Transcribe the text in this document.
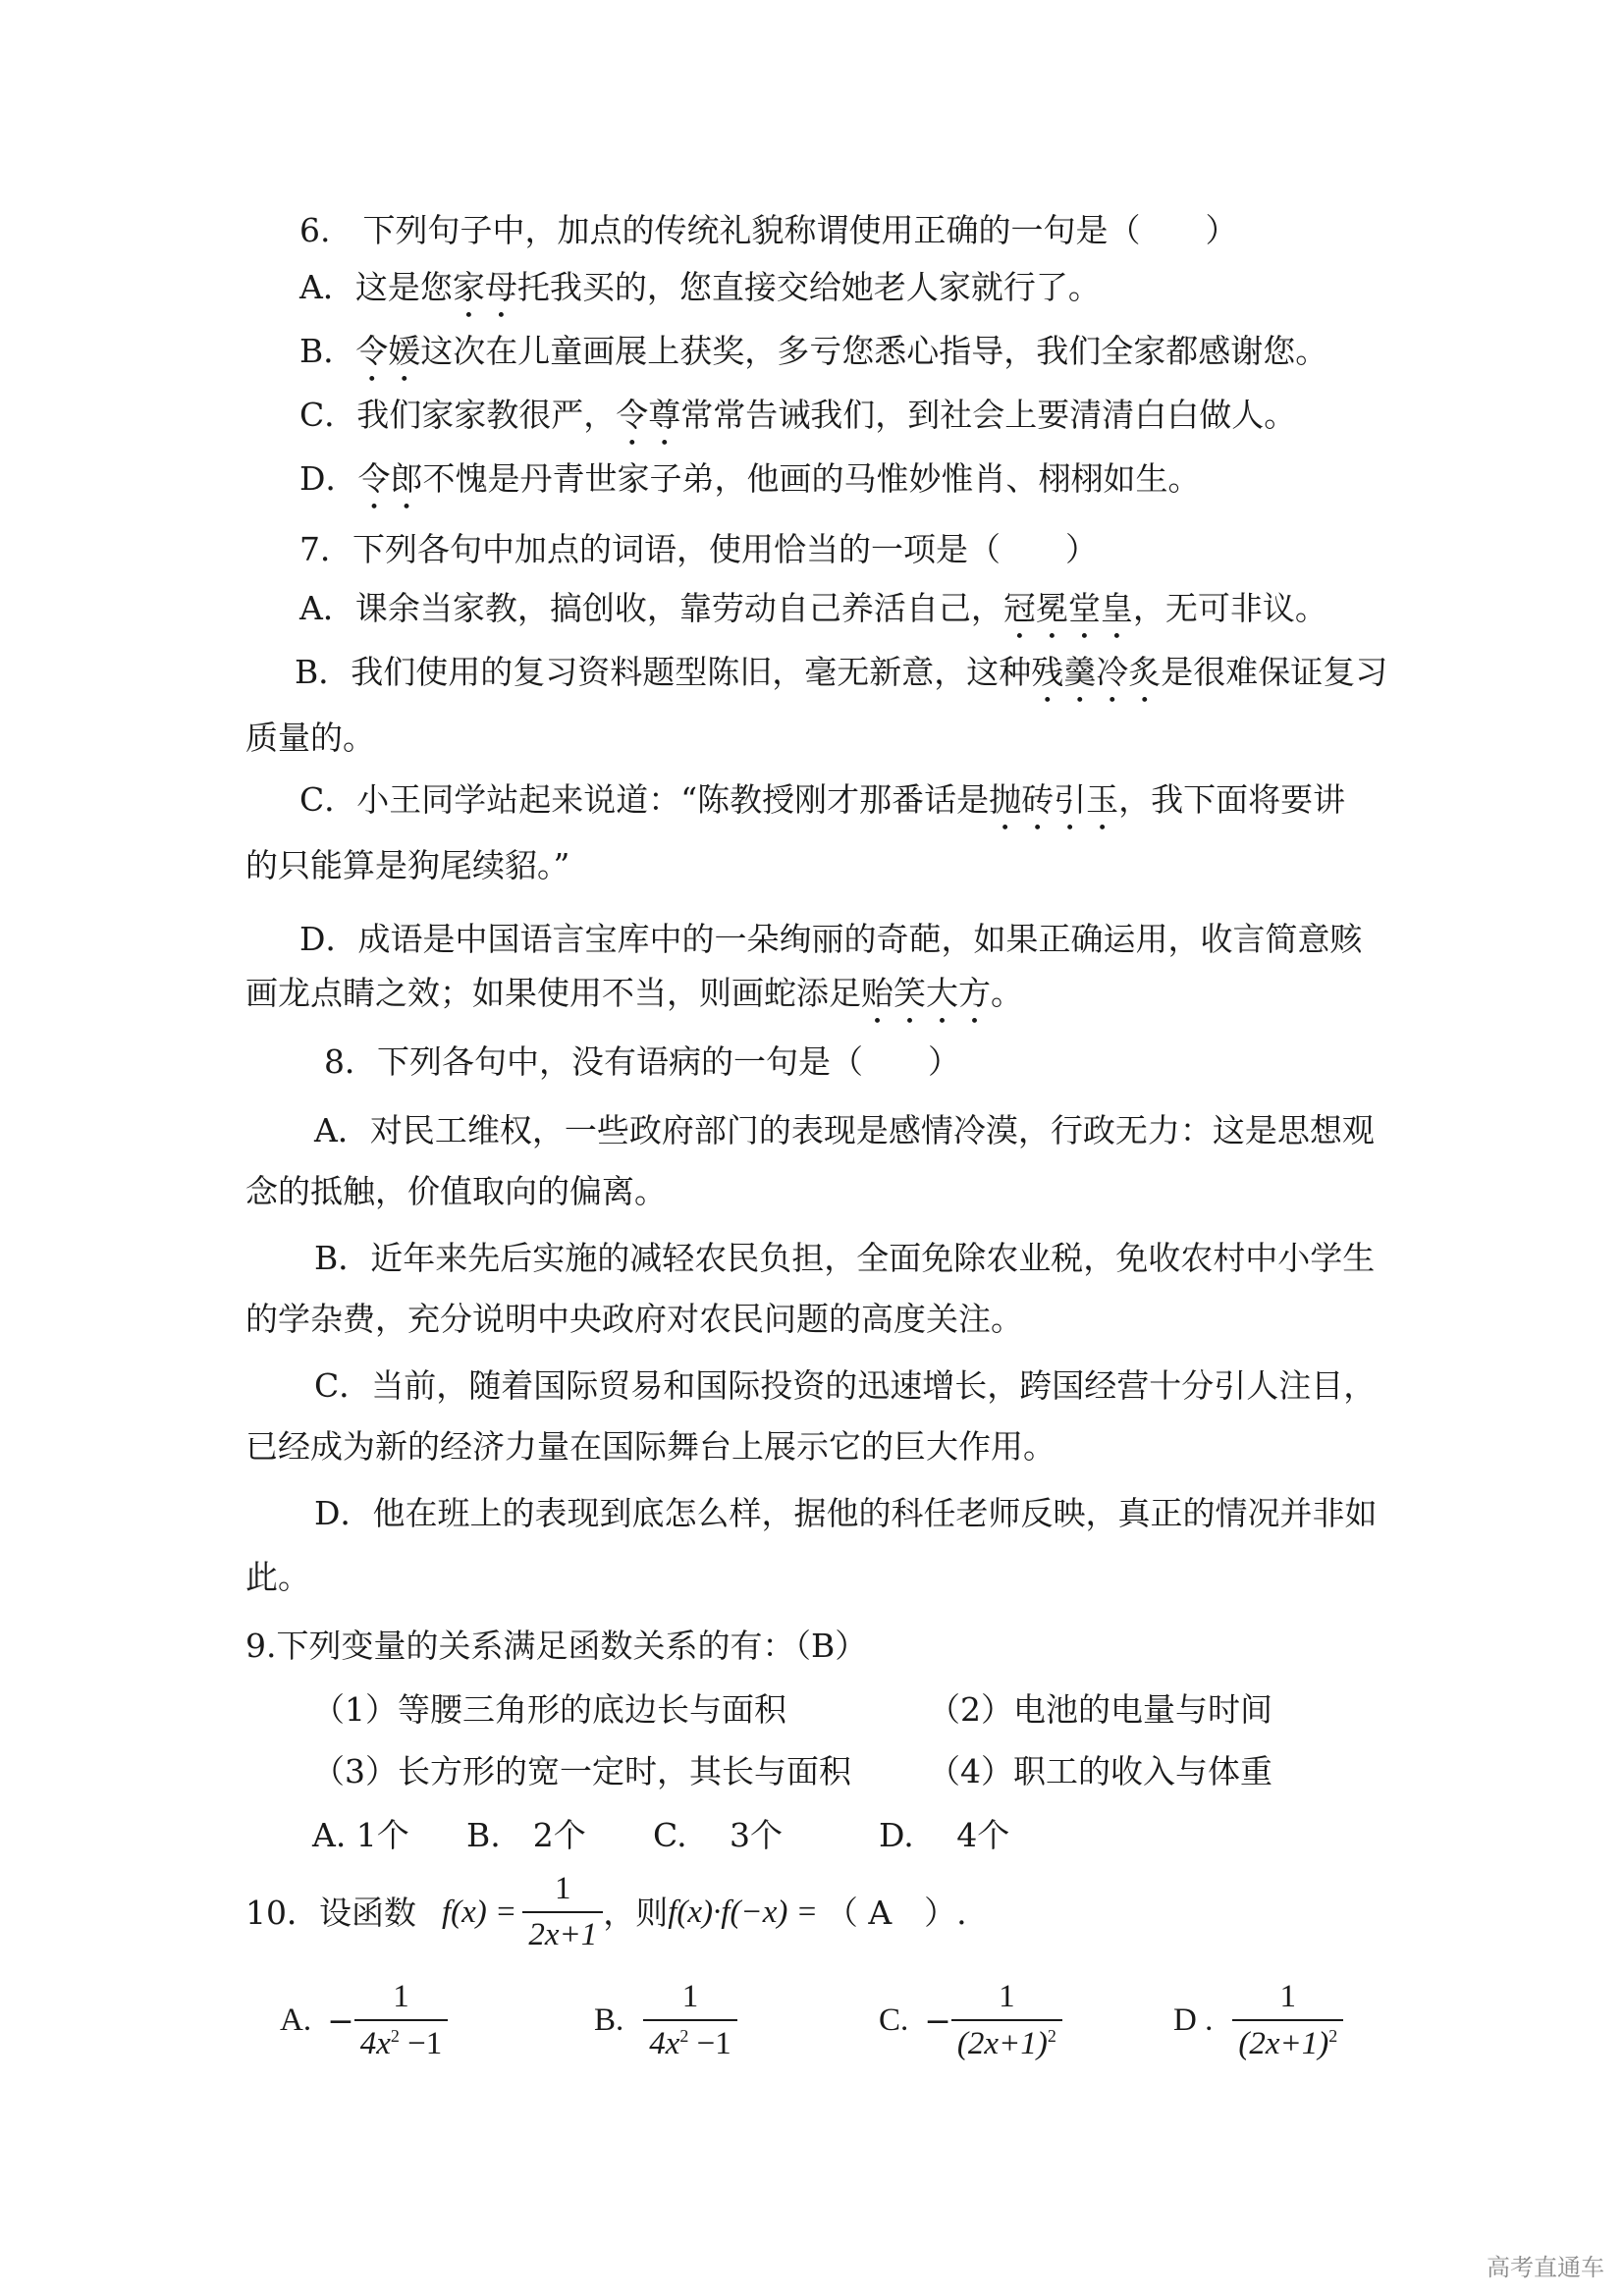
6.　下列句子中，加点的传统礼貌称谓使用正确的一句是（　　）
A．这是您家母托我买的，您直接交给她老人家就行了。
B．令媛这次在儿童画展上获奖，多亏您悉心指导，我们全家都感谢您。
C．我们家家教很严，令尊常常告诫我们，到社会上要清清白白做人。
D．令郎不愧是丹青世家子弟，他画的马惟妙惟肖、栩栩如生。
7．下列各句中加点的词语，使用恰当的一项是（　　）
A．课余当家教，搞创收，靠劳动自己养活自己，冠冕堂皇，无可非议。
B．我们使用的复习资料题型陈旧，毫无新意，这种残羹冷炙是很难保证复习
质量的。
C．小王同学站起来说道：“陈教授刚才那番话是抛砖引玉，我下面将要讲
的只能算是狗尾续貂。”
D．成语是中国语言宝库中的一朵绚丽的奇葩，如果正确运用，收言简意赅
画龙点睛之效；如果使用不当，则画蛇添足贻笑大方。
8．下列各句中，没有语病的一句是（　　）
A．对民工维权，一些政府部门的表现是感情冷漠，行政无力：这是思想观
念的抵触，价值取向的偏离。
B．近年来先后实施的减轻农民负担，全面免除农业税，免收农村中小学生
的学杂费，充分说明中央政府对农民问题的高度关注。
C．当前，随着国际贸易和国际投资的迅速增长，跨国经营十分引人注目，
已经成为新的经济力量在国际舞台上展示它的巨大作用。
D．他在班上的表现到底怎么样，据他的科任老师反映，真正的情况并非如
此。
9.下列变量的关系满足函数关系的有：（B）
（1）等腰三角形的底边长与面积	（2）电池的电量与时间
（3）长方形的宽一定时，其长与面积 （4）职工的收入与体重
A. 1个 B.　2个 C.　 3个	D.　 4个
10．设函数 $f(x) = \frac{1}{2x+1}$ ，则 f(x)·f(−x) = （ A　）.
A. − $\frac{1}{4x^2 -1}$	B. $\frac{1}{4x^2 -1}$	C. − $\frac{1}{(2x+1)^2}$	D . $\frac{1}{(2x+1)^2}$
高考直通车
